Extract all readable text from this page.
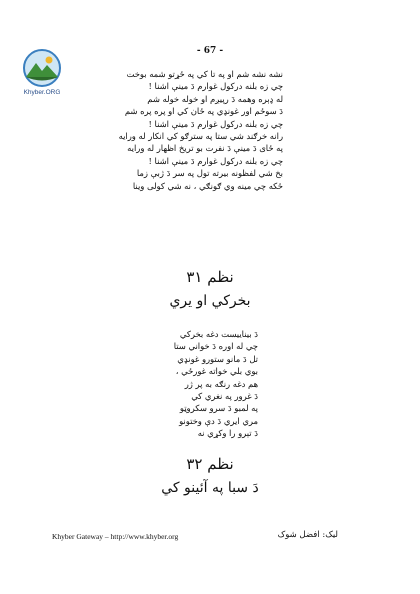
Khyber.ORG
- 67 -
نشه نشه شم او په تا کي په ځړتو شمه بوخت
چي زه بلنه درکول غوارم دَ مینې اشنا !
له ډېره وهمه دَ رپیږم او خوله خوله شم
دَ سوځم اور غونډي په ځان کي او پره پره شم
چي زه بلنه درکول غوارم دَ مینې اشنا !
رانه خرګند شي ستا په سترګو کي انکار له ورایه
په ځای دَ مینې دَ نفرت بو تریخ اظهار له ورایه
چي زه بلنه درکول غوارم دَ مینې اشنا !
بخ شي لفظونه بیرته تول په سر دَ ژبې زما
ځکه چي مینه وي ګونګي ، نه شي کولی وینا
نظم ۳۱
بخرکي او یري
دَ بیناییست دغه بخرکي
چي له اوره دَ خواني ستا
تل دَ مانو ستورو غونډي
بوي بلي خواته غورځي ،
هم دغه رنګه به پر ژر
دَ غرور په نغري کي
په لمبو دَ سرو سکروټو
مري ایري دَ دې وختونو
دَ تېرو را وکړي نه
نظم ۳۲
دَ سبا په آئینو کي
Khyber Gateway – http://www.khyber.org	لیک: افضل شوک
